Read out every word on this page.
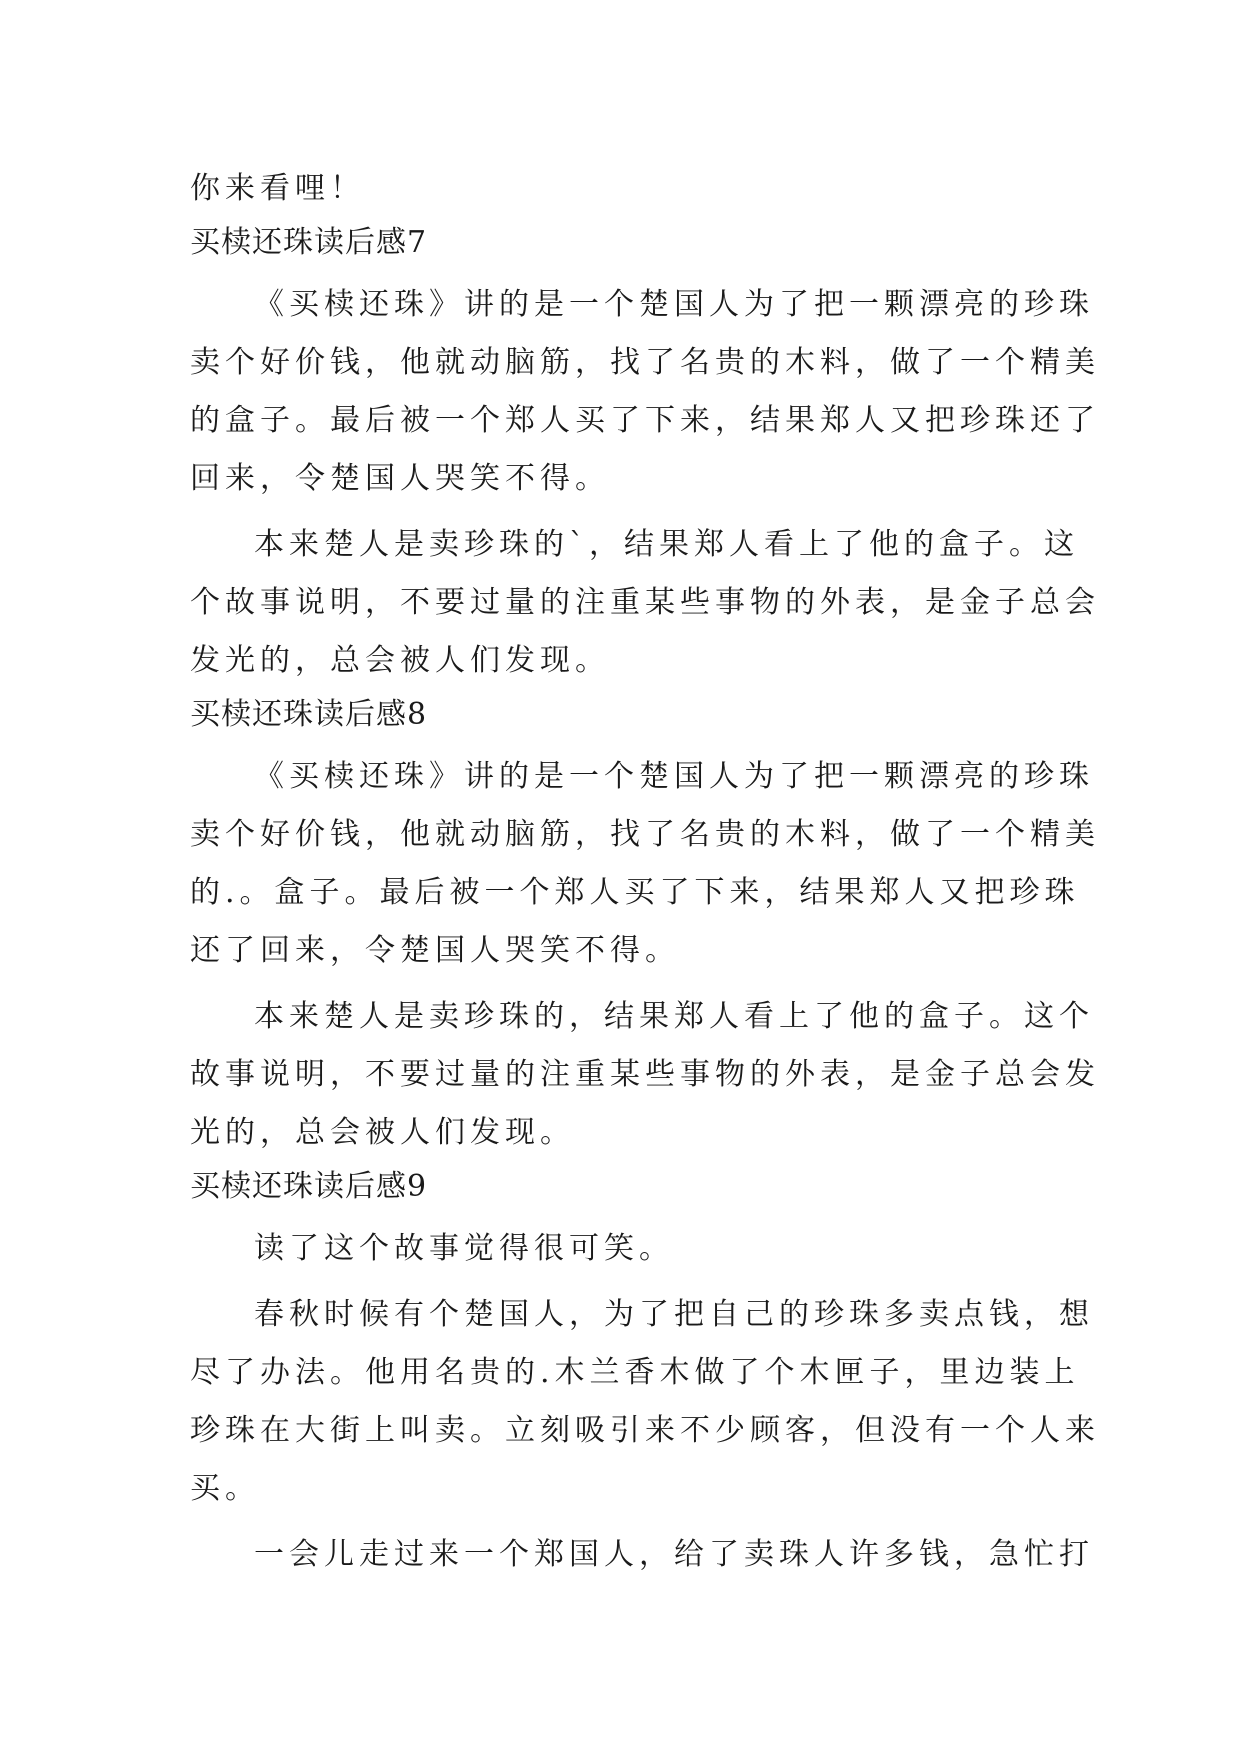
你来看哩！
买椟还珠读后感7
《买椟还珠》讲的是一个楚国人为了把一颗漂亮的珍珠
卖个好价钱，他就动脑筋，找了名贵的木料，做了一个精美
的盒子。最后被一个郑人买了下来，结果郑人又把珍珠还了
回来，令楚国人哭笑不得。
本来楚人是卖珍珠的`，结果郑人看上了他的盒子。这
个故事说明，不要过量的注重某些事物的外表，是金子总会
发光的，总会被人们发现。
买椟还珠读后感8
《买椟还珠》讲的是一个楚国人为了把一颗漂亮的珍珠
卖个好价钱，他就动脑筋，找了名贵的木料，做了一个精美
的.。盒子。最后被一个郑人买了下来，结果郑人又把珍珠
还了回来，令楚国人哭笑不得。
本来楚人是卖珍珠的，结果郑人看上了他的盒子。这个
故事说明，不要过量的注重某些事物的外表，是金子总会发
光的，总会被人们发现。
买椟还珠读后感9
读了这个故事觉得很可笑。
春秋时候有个楚国人，为了把自己的珍珠多卖点钱，想
尽了办法。他用名贵的.木兰香木做了个木匣子，里边装上
珍珠在大街上叫卖。立刻吸引来不少顾客，但没有一个人来
买。
一会儿走过来一个郑国人，给了卖珠人许多钱，急忙打
